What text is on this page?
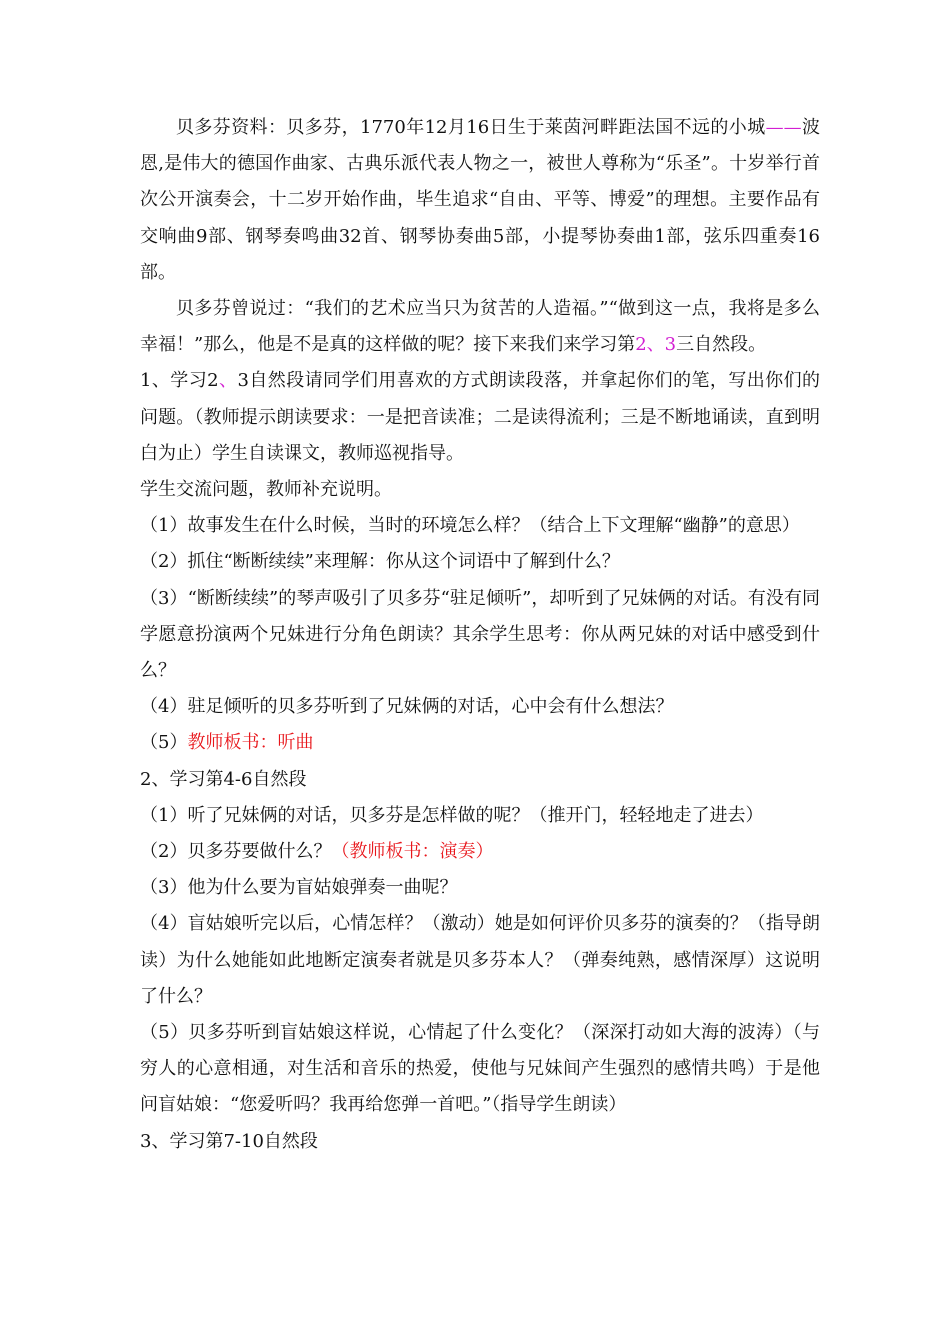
贝多芬资料：贝多芬，1770年12月16日生于莱茵河畔距法国不远的小城——波恩,是伟大的德国作曲家、古典乐派代表人物之一，被世人尊称为“乐圣”。十岁举行首次公开演奏会，十二岁开始作曲，毕生追求“自由、平等、博爱”的理想。主要作品有交响曲9部、钢琴奏鸣曲32首、钢琴协奏曲5部，小提琴协奏曲1部，弦乐四重奏16部。

贝多芬曾说过：“我们的艺术应当只为贫苦的人造福。”“做到这一点，我将是多么幸福！”那么，他是不是真的这样做的呢？接下来我们来学习第2、3三自然段。

1、学习2、3自然段请同学们用喜欢的方式朗读段落，并拿起你们的笔，写出你们的问题。（教师提示朗读要求：一是把音读准；二是读得流利；三是不断地诵读，直到明白为止）学生自读课文，教师巡视指导。

学生交流问题，教师补充说明。

（1）故事发生在什么时候，当时的环境怎么样？（结合上下文理解“幽静”的意思）

（2）抓住“断断续续”来理解：你从这个词语中了解到什么？

（3）“断断续续”的琴声吸引了贝多芬“驻足倾听”，却听到了兄妹俩的对话。有没有同学愿意扮演两个兄妹进行分角色朗读？其余学生思考：你从两兄妹的对话中感受到什么？

（4）驻足倾听的贝多芬听到了兄妹俩的对话，心中会有什么想法？

（5）教师板书：听曲

2、学习第4-6自然段

（1）听了兄妹俩的对话，贝多芬是怎样做的呢？（推开门，轻轻地走了进去）

（2）贝多芬要做什么？（教师板书：演奏）

（3）他为什么要为盲姑娘弹奏一曲呢？

（4）盲姑娘听完以后，心情怎样？（激动）她是如何评价贝多芬的演奏的？（指导朗读）为什么她能如此地断定演奏者就是贝多芬本人？（弹奏纯熟，感情深厚）这说明了什么？

（5）贝多芬听到盲姑娘这样说，心情起了什么变化？（深深打动如大海的波涛）（与穷人的心意相通，对生活和音乐的热爱，使他与兄妹间产生强烈的感情共鸣）于是他问盲姑娘：“您爱听吗？我再给您弹一首吧。”（指导学生朗读）

3、学习第7-10自然段
